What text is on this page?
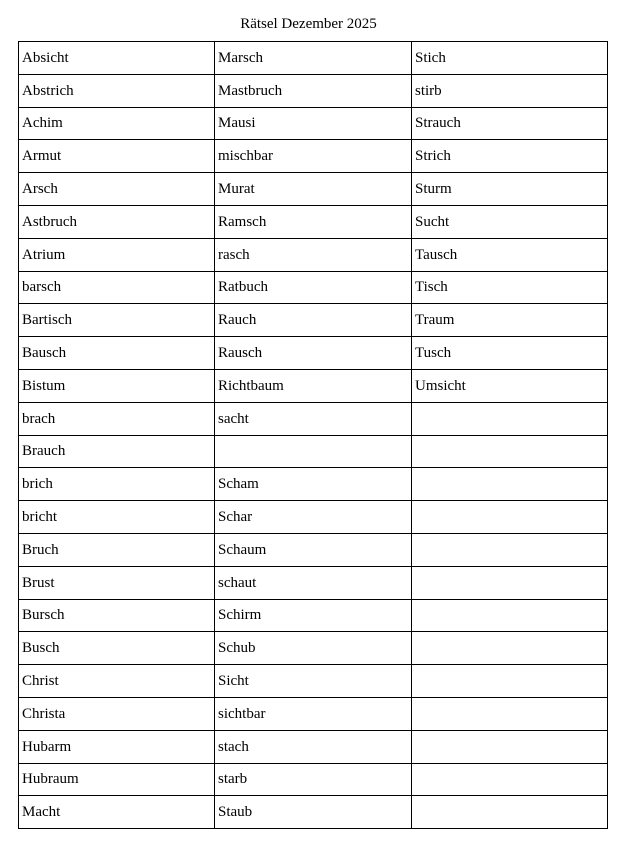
Rätsel Dezember 2025
Absicht	Marsch	Stich
Abstrich	Mastbruch	stirb
Achim	Mausi	Strauch
Armut	mischbar	Strich
Arsch	Murat	Sturm
Astbruch	Ramsch	Sucht
Atrium	rasch	Tausch
barsch	Ratbuch	Tisch
Bartisch	Rauch	Traum
Bausch	Rausch	Tusch
Bistum	Richtbaum	Umsicht
brach	sacht	
Brauch		
brich	Scham	
bricht	Schar	
Bruch	Schaum	
Brust	schaut	
Bursch	Schirm	
Busch	Schub	
Christ	Sicht	
Christa	sichtbar	
Hubarm	stach	
Hubraum	starb	
Macht	Staub	
